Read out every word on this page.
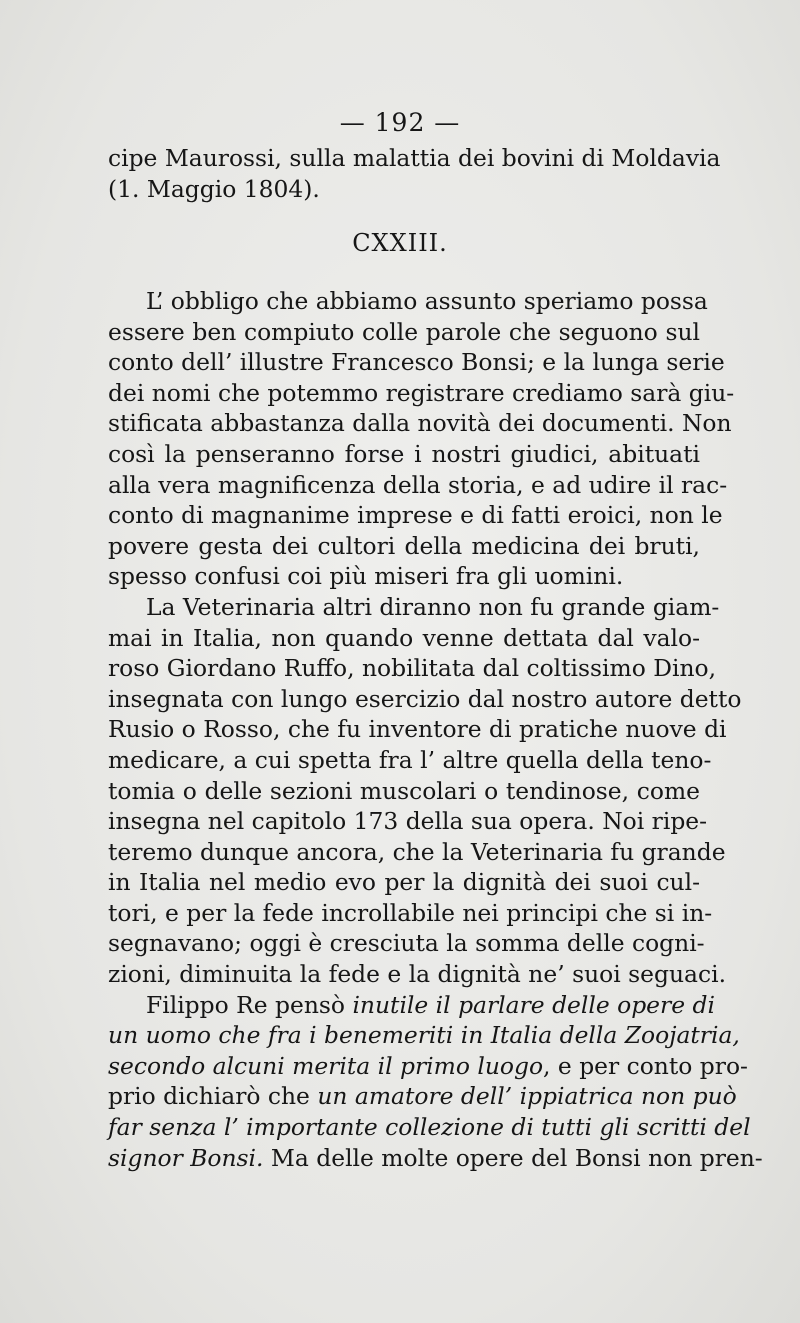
— 192 —
cipe Maurossi, sulla malattia dei bovini di Moldavia
(1. Maggio 1804).
CXXIII.
L’ obbligo che abbiamo assunto speriamo possa
essere ben compiuto colle parole che seguono sul
conto dell’ illustre Francesco Bonsi; e la lunga serie
dei nomi che potemmo registrare crediamo sarà giu-
stificata abbastanza dalla novità dei documenti. Non
così la penseranno forse i nostri giudici, abituati
alla vera magnificenza della storia, e ad udire il rac-
conto di magnanime imprese e di fatti eroici, non le
povere gesta dei cultori della medicina dei bruti,
spesso confusi coi più miseri fra gli uomini.
La Veterinaria altri diranno non fu grande giam-
mai in Italia, non quando venne dettata dal valo-
roso Giordano Ruffo, nobilitata dal coltissimo Dino,
insegnata con lungo esercizio dal nostro autore detto
Rusio o Rosso, che fu inventore di pratiche nuove di
medicare, a cui spetta fra l’ altre quella della teno-
tomia o delle sezioni muscolari o tendinose, come
insegna nel capitolo 173 della sua opera. Noi ripe-
teremo dunque ancora, che la Veterinaria fu grande
in Italia nel medio evo per la dignità dei suoi cul-
tori, e per la fede incrollabile nei principi che si in-
segnavano; oggi è cresciuta la somma delle cogni-
zioni, diminuita la fede e la dignità ne’ suoi seguaci.
Filippo Re pensò inutile il parlare delle opere di
un uomo che fra i benemeriti in Italia della Zoojatria,
secondo alcuni merita il primo luogo, e per conto pro-
prio dichiarò che un amatore dell’ ippiatrica non può
far senza l’ importante collezione di tutti gli scritti del
signor Bonsi. Ma delle molte opere del Bonsi non pren-
